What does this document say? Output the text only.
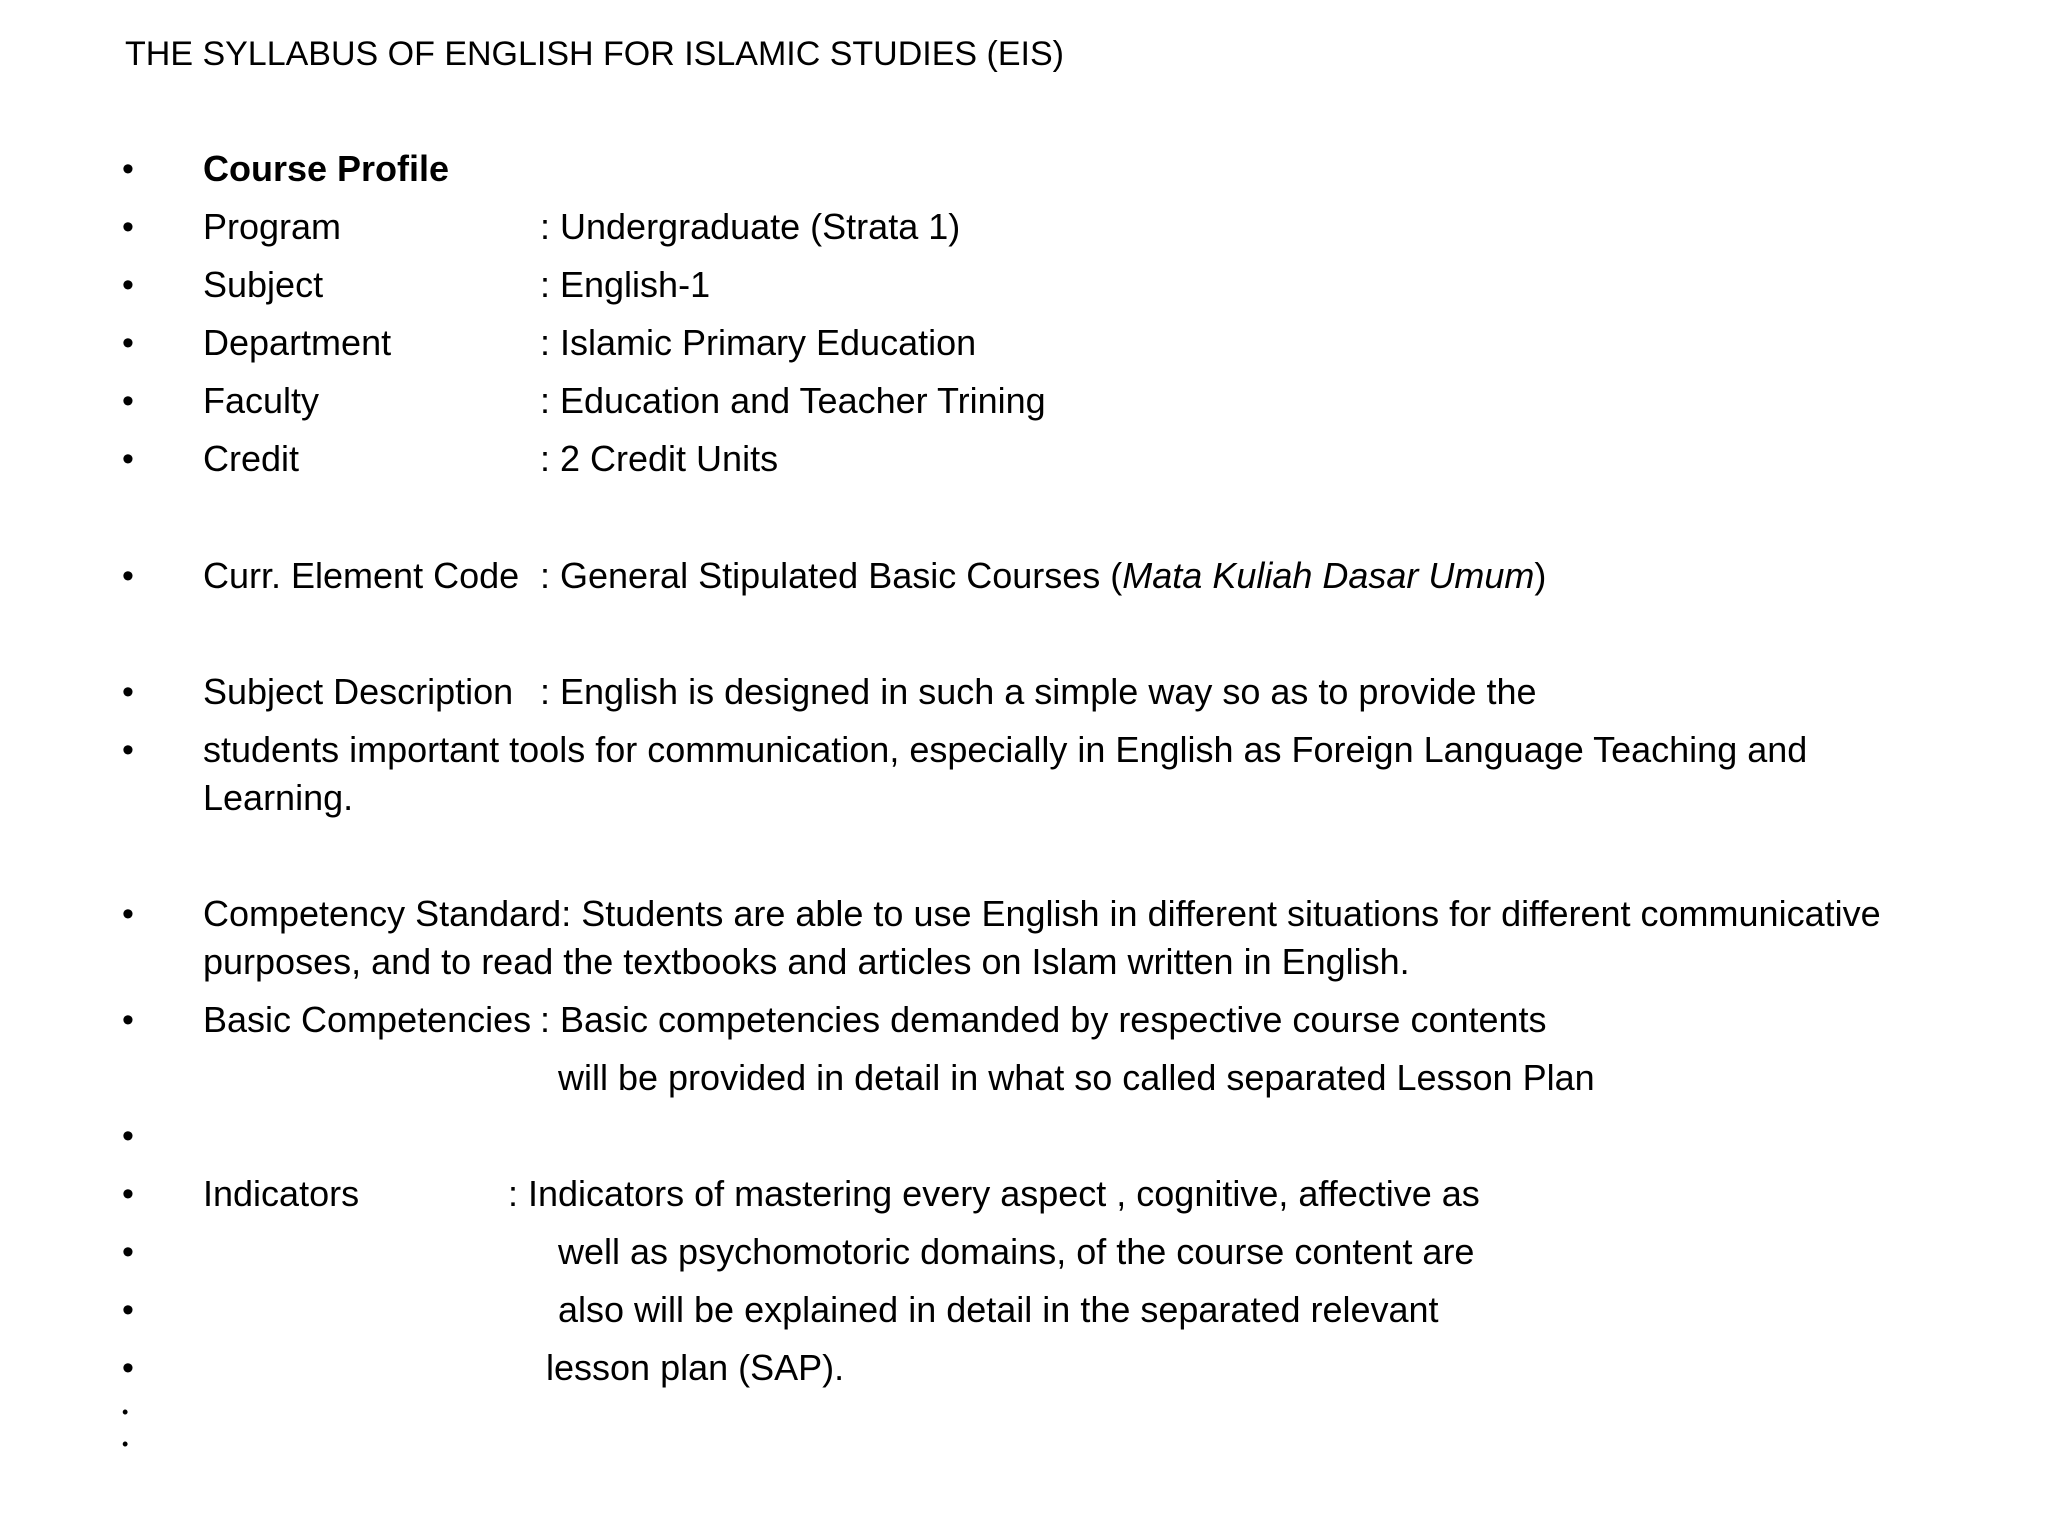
THE SYLLABUS OF ENGLISH FOR ISLAMIC STUDIES (EIS)
• Course Profile
• Program	: Undergraduate (Strata 1)
• Subject	: English-1
• Department	: Islamic Primary Education
• Faculty	: Education and Teacher Trining
• Credit	: 2 Credit Units
• Curr. Element Code : General Stipulated Basic Courses (Mata Kuliah Dasar Umum)
• Subject Description : English is designed in such a simple way so as to provide the
• students important tools for communication, especially in English as Foreign Language Teaching and Learning.
• Competency Standard: Students are able to use English in different situations for different communicative purposes, and to read the textbooks and articles on Islam written in English.
• Basic Competencies : Basic competencies demanded by respective course contents
will be provided in detail in what so called separated Lesson Plan
•
• Indicators	: Indicators of mastering every aspect , cognitive, affective as
•	well as psychomotoric domains, of the course content are
•	also will be explained in detail in the separated relevant
•	lesson plan (SAP).
•
•
